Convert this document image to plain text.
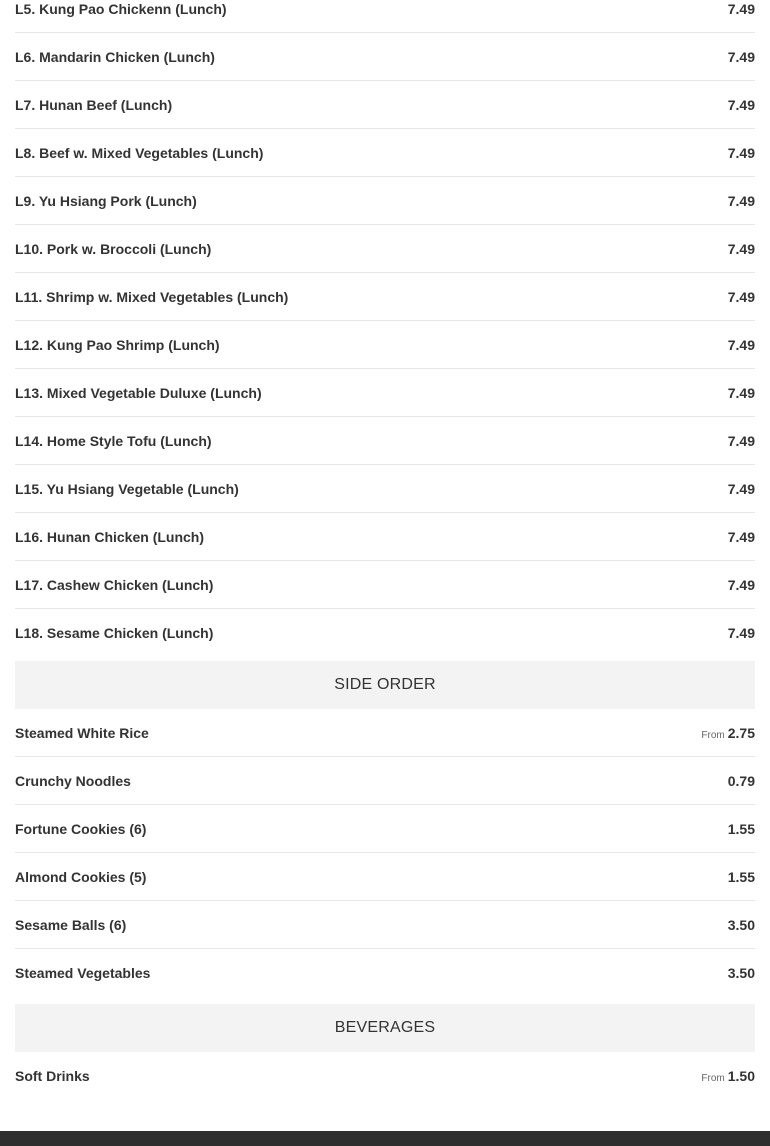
L5. Kung Pao Chickenn (Lunch)	7.49
L6. Mandarin Chicken (Lunch)	7.49
L7. Hunan Beef (Lunch)	7.49
L8. Beef w. Mixed Vegetables (Lunch)	7.49
L9. Yu Hsiang Pork (Lunch)	7.49
L10. Pork w. Broccoli (Lunch)	7.49
L11. Shrimp w. Mixed Vegetables (Lunch)	7.49
L12. Kung Pao Shrimp (Lunch)	7.49
L13. Mixed Vegetable Duluxe (Lunch)	7.49
L14. Home Style Tofu (Lunch)	7.49
L15. Yu Hsiang Vegetable (Lunch)	7.49
L16. Hunan Chicken (Lunch)	7.49
L17. Cashew Chicken (Lunch)	7.49
L18. Sesame Chicken (Lunch)	7.49
SIDE ORDER
Steamed White Rice	From 2.75
Crunchy Noodles	0.79
Fortune Cookies (6)	1.55
Almond Cookies (5)	1.55
Sesame Balls (6)	3.50
Steamed Vegetables	3.50
BEVERAGES
Soft Drinks	From 1.50
